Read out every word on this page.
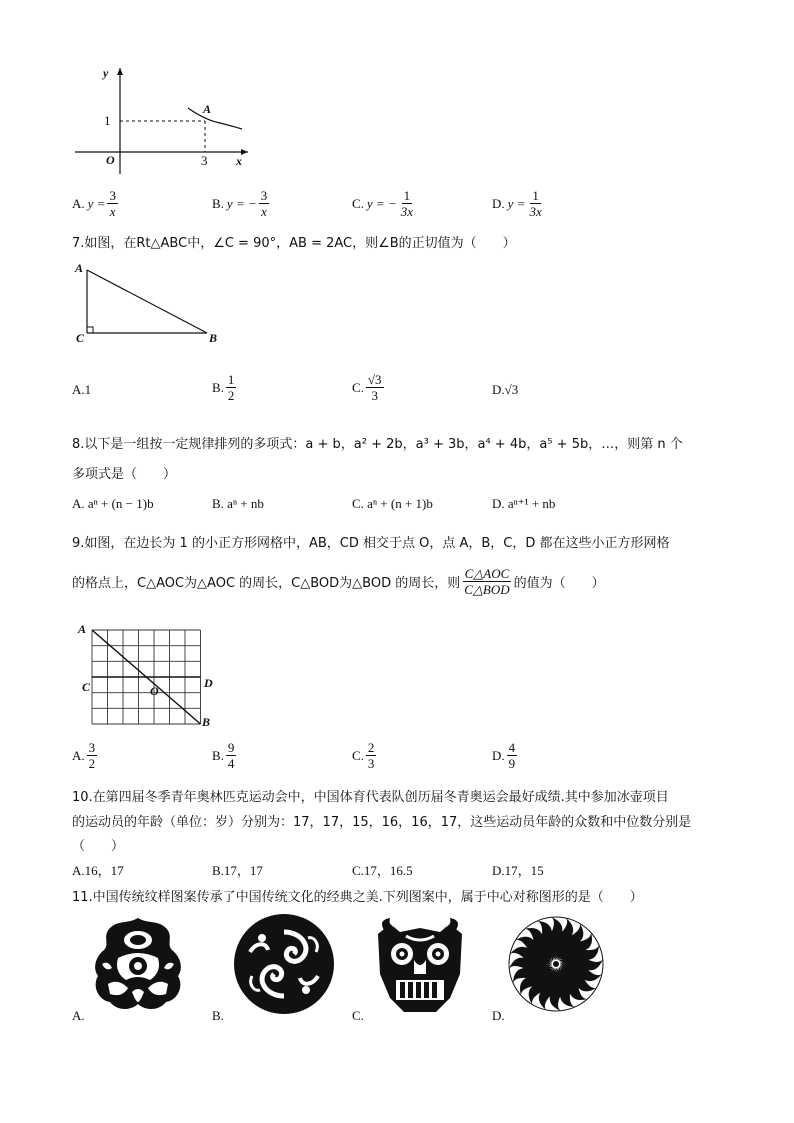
y
x
O
A
1
3
A. $y = \frac{3}{x}$	B. y = − $\frac{3}{x}$	C. y = − $\frac{1}{3x}$	D. $y = \frac{1}{3x}$
7.如图，在Rt△ABC中，∠C = 90°，AB = 2AC，则∠B的正切值为（　　）
A
C	B
A. 1	B. $\frac{1}{2}$	C. $\frac{√3}{3}$	D. √3
8.以下是一组按一定规律排列的多项式：a + b，a² + 2b，a³ + 3b，a⁴ + 4b，a⁵ + 5b，…，则第 n 个
多项式是（　　）
A. aⁿ + (n − 1)b	B. aⁿ + nb	C. aⁿ + (n + 1)b	D. aⁿ⁺¹ + nb
9.如图，在边长为 1 的小正方形网格中，AB，CD 相交于点 O，点 A，B，C，D 都在这些小正方形网格
的格点上，C△AOC为△AOC 的周长，C△BOD为△BOD 的周长，则 $\frac{\text{C△AOC}}{\text{C△BOD}}$ 的值为（　　）
A
C	D
O
B
A. $\frac{3}{2}$	B. $\frac{9}{4}$	C. $\frac{2}{3}$	D. $\frac{4}{9}$
10.在第四届冬季青年奥林匹克运动会中，中国体育代表队创历届冬青奥运会最好成绩.其中参加冰壶项目
的运动员的年龄（单位：岁）分别为：17，17，15，16，16，17，这些运动员年龄的众数和中位数分别是
（　　）
A.16，17	B.17，17	C.17，16.5	D.17，15
11.中国传统纹样图案传承了中国传统文化的经典之美.下列图案中，属于中心对称图形的是（　　）
A.	B.	C.	D.
